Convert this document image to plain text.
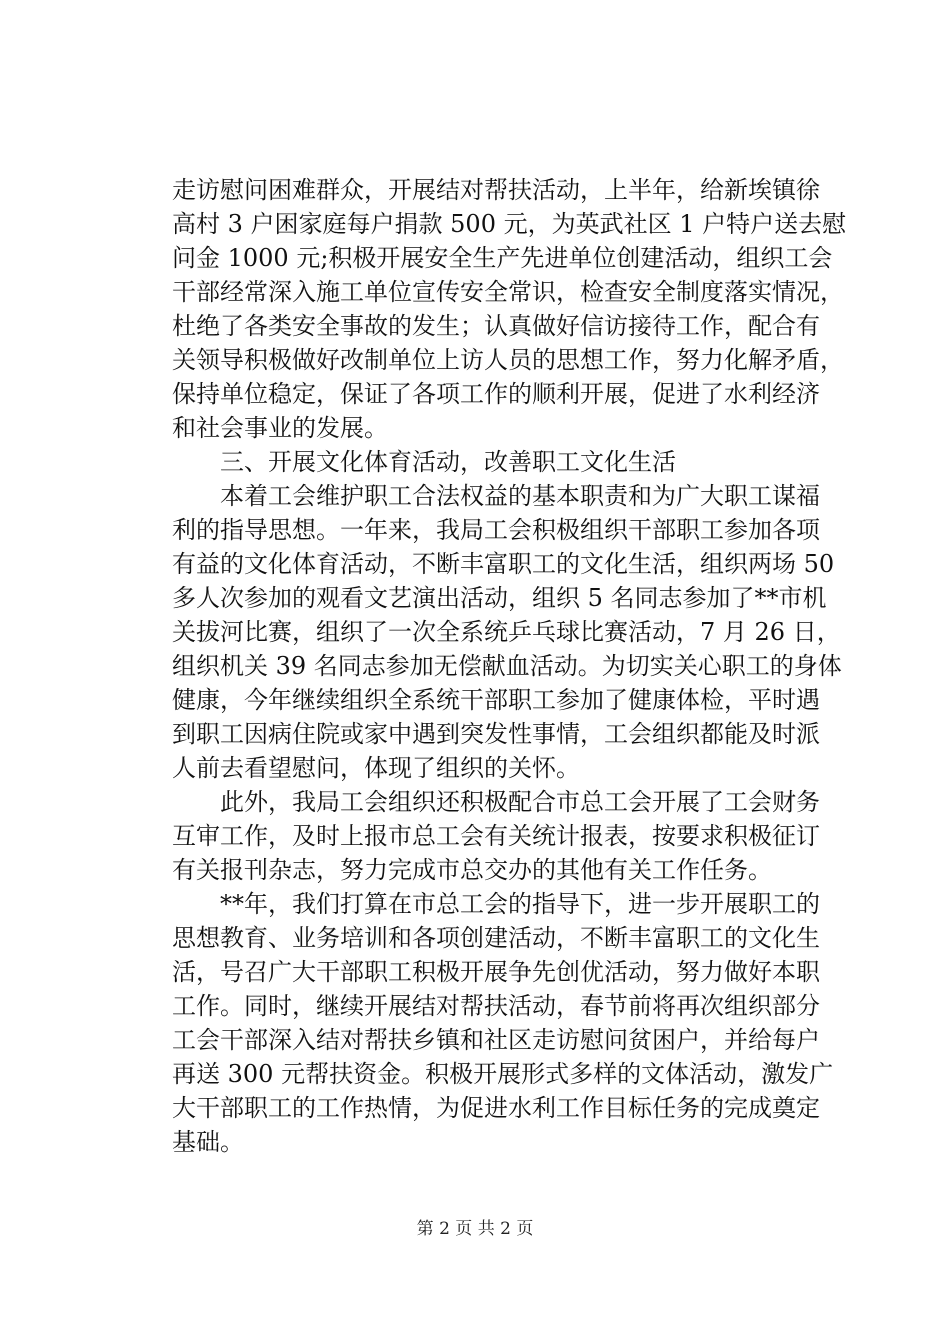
走访慰问困难群众，开展结对帮扶活动，上半年，给新埃镇徐
高村 3 户困家庭每户捐款 500 元，为英武社区 1 户特户送去慰
问金 1000 元;积极开展安全生产先进单位创建活动，组织工会
干部经常深入施工单位宣传安全常识，检查安全制度落实情况，
杜绝了各类安全事故的发生；认真做好信访接待工作，配合有
关领导积极做好改制单位上访人员的思想工作，努力化解矛盾，
保持单位稳定，保证了各项工作的顺利开展，促进了水利经济
和社会事业的发展。
三、开展文化体育活动，改善职工文化生活
本着工会维护职工合法权益的基本职责和为广大职工谋福
利的指导思想。一年来，我局工会积极组织干部职工参加各项
有益的文化体育活动，不断丰富职工的文化生活，组织两场 50
多人次参加的观看文艺演出活动，组织 5 名同志参加了**市机
关拔河比赛，组织了一次全系统乒乓球比赛活动，7 月 26 日，
组织机关 39 名同志参加无偿献血活动。为切实关心职工的身体
健康，今年继续组织全系统干部职工参加了健康体检，平时遇
到职工因病住院或家中遇到突发性事情，工会组织都能及时派
人前去看望慰问，体现了组织的关怀。
此外，我局工会组织还积极配合市总工会开展了工会财务
互审工作，及时上报市总工会有关统计报表，按要求积极征订
有关报刊杂志，努力完成市总交办的其他有关工作任务。
**年，我们打算在市总工会的指导下，进一步开展职工的
思想教育、业务培训和各项创建活动，不断丰富职工的文化生
活，号召广大干部职工积极开展争先创优活动，努力做好本职
工作。同时，继续开展结对帮扶活动，春节前将再次组织部分
工会干部深入结对帮扶乡镇和社区走访慰问贫困户，并给每户
再送 300 元帮扶资金。积极开展形式多样的文体活动，激发广
大干部职工的工作热情，为促进水利工作目标任务的完成奠定
基础。
第 2 页 共 2 页
